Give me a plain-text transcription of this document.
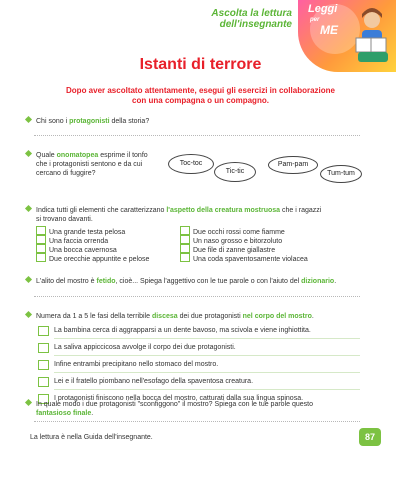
Ascolta la lettura
dell'insegnante
Leggi
per
ME
Istanti di terrore
Dopo aver ascoltato attentamente, esegui gli esercizi in collaborazione
con una compagna o un compagno.
Chi sono i protagonisti della storia?
Quale onomatopea esprime il tonfo
che i protagonisti sentono e da cui
cercano di fuggire?
Toc-toc
Tic-tic
Pam-pam
Tum-tum
Indica tutti gli elementi che caratterizzano l'aspetto della creatura mostruosa che i ragazzi
si trovano davanti.
Una grande testa pelosa
Una faccia orrenda
Una bocca cavernosa
Due orecchie appuntite e pelose
Due occhi rossi come fiamme
Un naso grosso e bitorzoluto
Due file di zanne giallastre
Una coda spaventosamente violacea
L'alito del mostro è fetido, cioè... Spiega l'aggettivo con le tue parole o con l'aiuto del dizionario.
Numera da 1 a 5 le fasi della terribile discesa dei due protagonisti nel corpo del mostro.
La bambina cerca di aggrapparsi a un dente bavoso, ma scivola e viene inghiottita.
La saliva appiccicosa avvolge il corpo dei due protagonisti.
Infine entrambi precipitano nello stomaco del mostro.
Lei e il fratello piombano nell'esofago della spaventosa creatura.
I protagonisti finiscono nella bocca del mostro, catturati dalla sua lingua spinosa.
In quale modo i due protagonisti "sconfiggono" il mostro? Spiega con le tue parole questo
fantasioso finale.
La lettura è nella Guida dell'insegnante.	87
